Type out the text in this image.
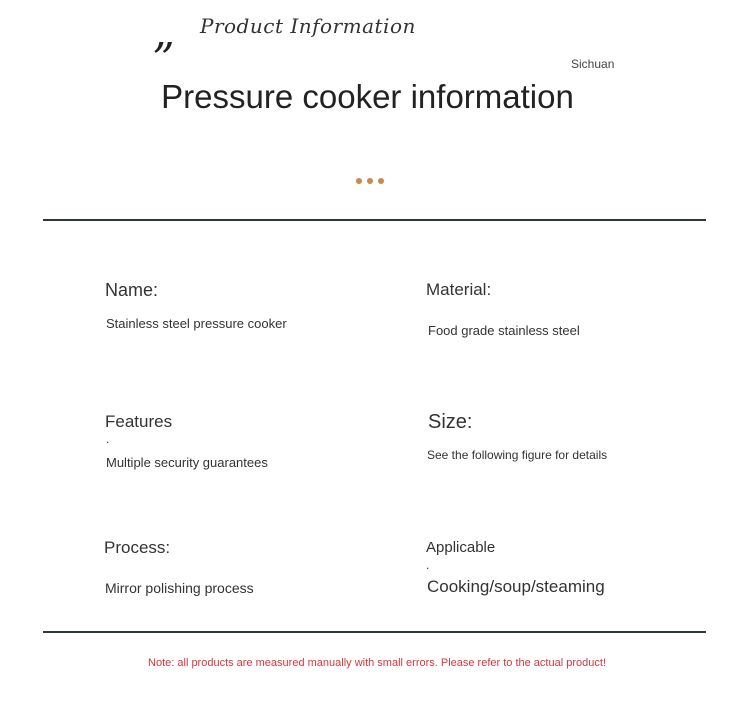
Product Information
”	Sichuan
Pressure cooker information
Name:
Stainless steel pressure cooker
Material:
Food grade stainless steel
Features
.
Multiple security guarantees
Size:
See the following figure for details
Process:
Mirror polishing process
Applicable
.
Cooking/soup/steaming
Note: all products are measured manually with small errors. Please refer to the actual product!
